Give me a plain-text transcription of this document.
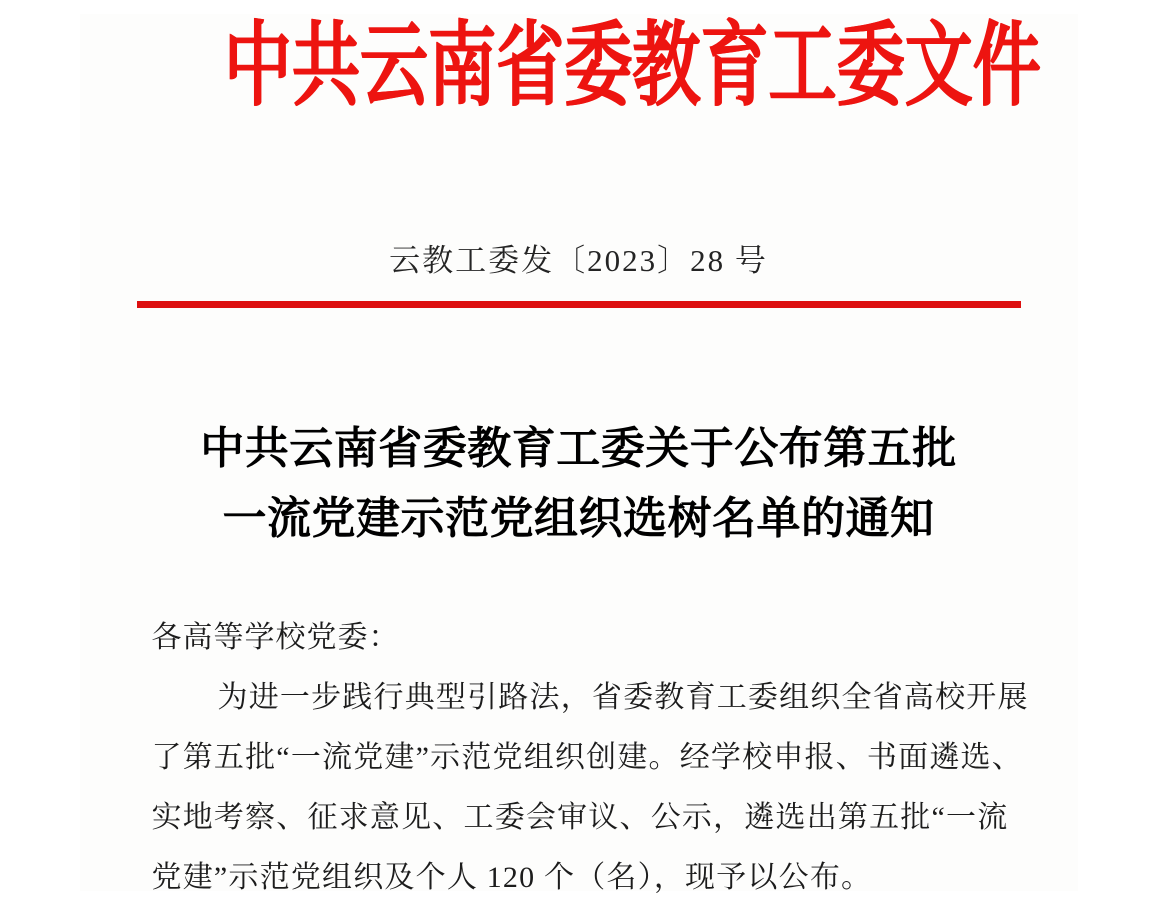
中共云南省委教育工委文件
云教工委发〔2023〕28 号
中共云南省委教育工委关于公布第五批
一流党建示范党组织选树名单的通知
各高等学校党委：
为进一步践行典型引路法，省委教育工委组织全省高校开展
了第五批“一流党建”示范党组织创建。经学校申报、书面遴选、
实地考察、征求意见、工委会审议、公示，遴选出第五批“一流
党建”示范党组织及个人 120 个（名），现予以公布。
